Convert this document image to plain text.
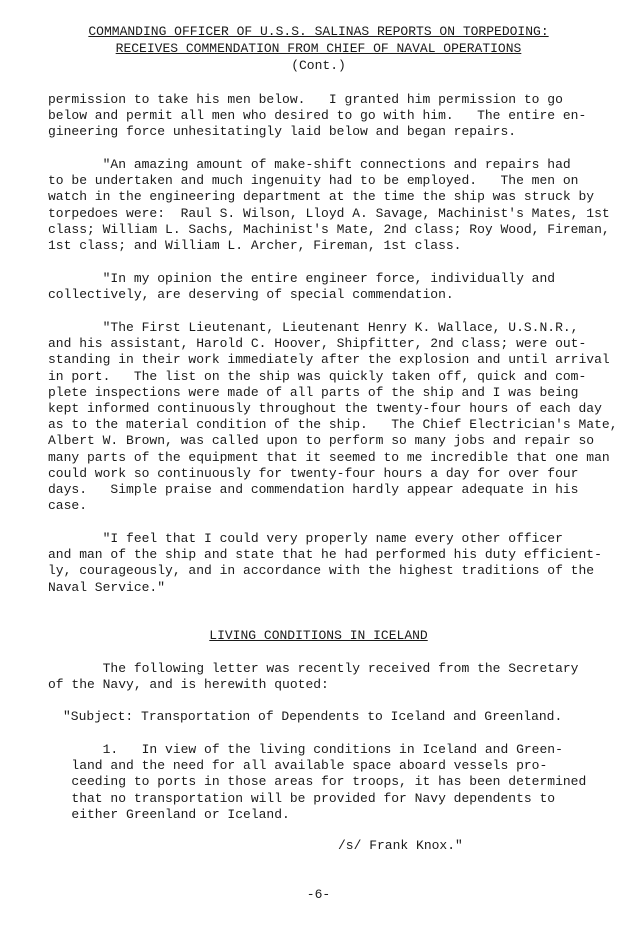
COMMANDING OFFICER OF U.S.S. SALINAS REPORTS ON TORPEDOING:
RECEIVES COMMENDATION FROM CHIEF OF NAVAL OPERATIONS
(Cont.)
permission to take his men below.   I granted him permission to go
below and permit all men who desired to go with him.   The entire en-
gineering force unhesitatingly laid below and began repairs.
"An amazing amount of make-shift connections and repairs had
to be undertaken and much ingenuity had to be employed.   The men on
watch in the engineering department at the time the ship was struck by
torpedoes were:  Raul S. Wilson, Lloyd A. Savage, Machinist's Mates, 1st
class; William L. Sachs, Machinist's Mate, 2nd class; Roy Wood, Fireman,
1st class; and William L. Archer, Fireman, 1st class.
"In my opinion the entire engineer force, individually and
collectively, are deserving of special commendation.
"The First Lieutenant, Lieutenant Henry K. Wallace, U.S.N.R.,
and his assistant, Harold C. Hoover, Shipfitter, 2nd class; were out-
standing in their work immediately after the explosion and until arrival
in port.   The list on the ship was quickly taken off, quick and com-
plete inspections were made of all parts of the ship and I was being
kept informed continuously throughout the twenty-four hours of each day
as to the material condition of the ship.   The Chief Electrician's Mate,
Albert W. Brown, was called upon to perform so many jobs and repair so
many parts of the equipment that it seemed to me incredible that one man
could work so continuously for twenty-four hours a day for over four
days.   Simple praise and commendation hardly appear adequate in his
case.
"I feel that I could very properly name every other officer
and man of the ship and state that he had performed his duty efficient-
ly, courageously, and in accordance with the highest traditions of the
Naval Service."
LIVING CONDITIONS IN ICELAND
The following letter was recently received from the Secretary
of the Navy, and is herewith quoted:
"Subject: Transportation of Dependents to Iceland and Greenland.
1.   In view of the living conditions in Iceland and Green-
land and the need for all available space aboard vessels pro-
ceeding to ports in those areas for troops, it has been determined
that no transportation will be provided for Navy dependents to
either Greenland or Iceland.
/s/ Frank Knox."
-6-
